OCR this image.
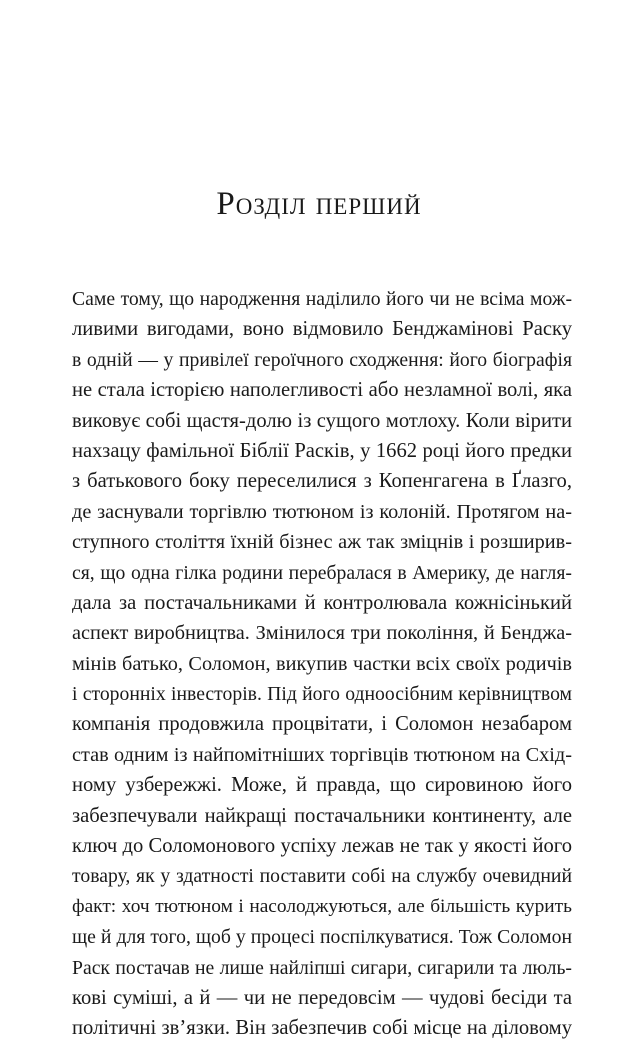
Розділ перший
Саме тому, що народження наділило його чи не всіма мож-
ливими вигодами, воно відмовило Бенджамінові Раску
в одній — у привілеї героїчного сходження: його біографія
не стала історією наполегливості або незламної волі, яка
виковує собі щастя-долю із сущого мотлоху. Коли вірити
нахзацу фамільної Біблії Расків, у 1662 році його предки
з батькового боку переселилися з Копенгагена в Ґлазго,
де заснували торгівлю тютюном із колоній. Протягом на-
ступного століття їхній бізнес аж так зміцнів і розширив-
ся, що одна гілка родини перебралася в Америку, де нагля-
дала за постачальниками й контролювала кожнісінький
аспект виробництва. Змінилося три покоління, й Бенджа-
мінів батько, Соломон, викупив частки всіх своїх родичів
і сторонніх інвесторів. Під його одноосібним керівництвом
компанія продовжила процвітати, і Соломон незабаром
став одним із найпомітніших торгівців тютюном на Схід-
ному узбережжі. Може, й правда, що сировиною його
забезпечували найкращі постачальники континенту, але
ключ до Соломонового успіху лежав не так у якості його
товару, як у здатності поставити собі на службу очевидний
факт: хоч тютюном і насолоджуються, але більшість курить
ще й для того, щоб у процесі поспілкуватися. Тож Соломон
Раск постачав не лише найліпші сигари, сигарили та люль-
кові суміші, а й — чи не передовсім — чудові бесіди та
політичні зв’язки. Він забезпечив собі місце на діловому
